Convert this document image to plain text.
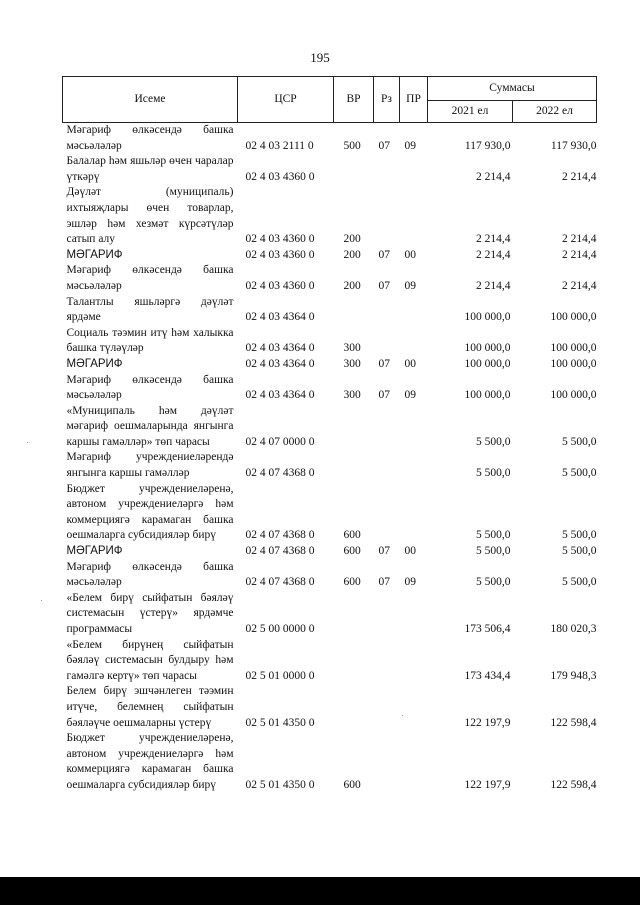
195
Исеме	ЦСР	ВР	Рз	ПР	Суммасы	
					2021 ел	2022 ел
Мәгариф өлкәсендә башка мәсьәләләр	02 4 03 2111 0	500	07	09	117 930,0	117 930,0
Балалар һәм яшьләр өчен чаралар үткәрү	02 4 03 4360 0				2 214,4	2 214,4
Дәүләт (муниципаль) ихтыяҗлары өчен товарлар, эшләр һәм хезмәт күрсәтүләр сатып алу	02 4 03 4360 0	200			2 214,4	2 214,4
МӘГАРИФ	02 4 03 4360 0	200	07	00	2 214,4	2 214,4
Мәгариф өлкәсендә башка мәсьәләләр	02 4 03 4360 0	200	07	09	2 214,4	2 214,4
Талантлы яшьләргә дәүләт ярдәме	02 4 03 4364 0				100 000,0	100 000,0
Социаль тәэмин итү һәм халыкка башка түләүләр	02 4 03 4364 0	300			100 000,0	100 000,0
МӘГАРИФ	02 4 03 4364 0	300	07	00	100 000,0	100 000,0
Мәгариф өлкәсендә башка мәсьәләләр	02 4 03 4364 0	300	07	09	100 000,0	100 000,0
«Муниципаль һәм дәүләт мәгариф оешмаларында янгынга каршы гамәлләр» төп чарасы	02 4 07 0000 0				5 500,0	5 500,0
Мәгариф учреждениеләрендә янгынга каршы гамәлләр	02 4 07 4368 0				5 500,0	5 500,0
Бюджет учреждениеләренә, автоном учреждениеләргә һәм коммерциягә карамаган башка оешмаларга субсидияләр бирү	02 4 07 4368 0	600			5 500,0	5 500,0
МӘГАРИФ	02 4 07 4368 0	600	07	00	5 500,0	5 500,0
Мәгариф өлкәсендә башка мәсьәләләр	02 4 07 4368 0	600	07	09	5 500,0	5 500,0
«Белем бирү сыйфатын бәяләү системасын үстерү» ярдәмче программасы	02 5 00 0000 0				173 506,4	180 020,3
«Белем бирүнең сыйфатын бәяләү системасын булдыру һәм гамәлгә кертү» төп чарасы	02 5 01 0000 0				173 434,4	179 948,3
Белем бирү эшчәнлеген тәэмин итүче, белемнең сыйфатын бәяләүче оешмаларны үстерү	02 5 01 4350 0				122 197,9	122 598,4
Бюджет учреждениеләренә, автоном учреждениеләргә һәм коммерциягә карамаган башка оешмаларга субсидияләр бирү	02 5 01 4350 0	600			122 197,9	122 598,4
